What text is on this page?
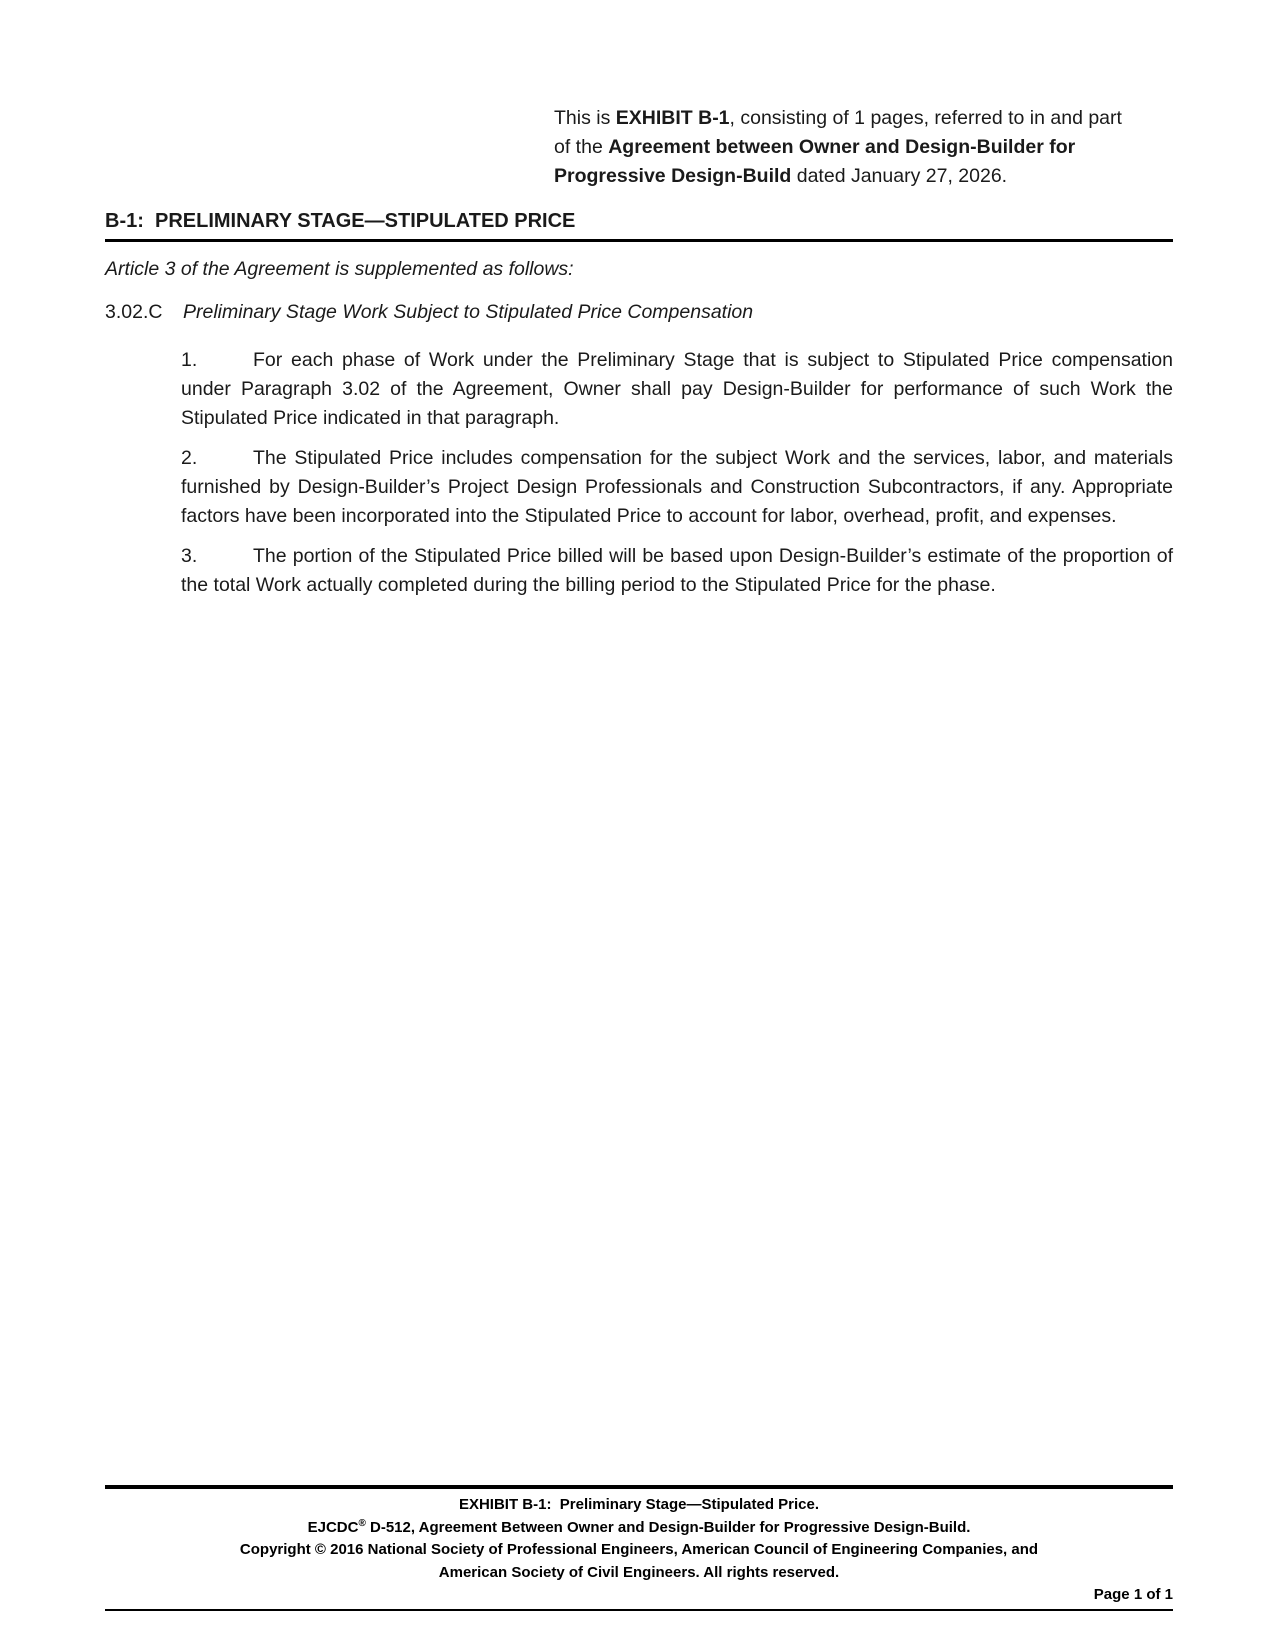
This is EXHIBIT B-1, consisting of 1 pages, referred to in and part
of the Agreement between Owner and Design-Builder for
Progressive Design-Build dated January 27, 2026.
B-1:  PRELIMINARY STAGE—STIPULATED PRICE

Article 3 of the Agreement is supplemented as follows:

3.02.C Preliminary Stage Work Subject to Stipulated Price Compensation

1.	For each phase of Work under the Preliminary Stage that is subject to Stipulated Price compensation under Paragraph 3.02 of the Agreement, Owner shall pay Design-Builder for performance of such Work the Stipulated Price indicated in that paragraph.

2.	The Stipulated Price includes compensation for the subject Work and the services, labor, and materials furnished by Design-Builder’s Project Design Professionals and Construction Subcontractors, if any. Appropriate factors have been incorporated into the Stipulated Price to account for labor, overhead, profit, and expenses.

3.	The portion of the Stipulated Price billed will be based upon Design-Builder’s estimate of the proportion of the total Work actually completed during the billing period to the Stipulated Price for the phase.

EXHIBIT B-1:  Preliminary Stage—Stipulated Price.
EJCDC® D-512, Agreement Between Owner and Design-Builder for Progressive Design-Build.
Copyright © 2016 National Society of Professional Engineers, American Council of Engineering Companies, and
American Society of Civil Engineers. All rights reserved.
Page 1 of 1
